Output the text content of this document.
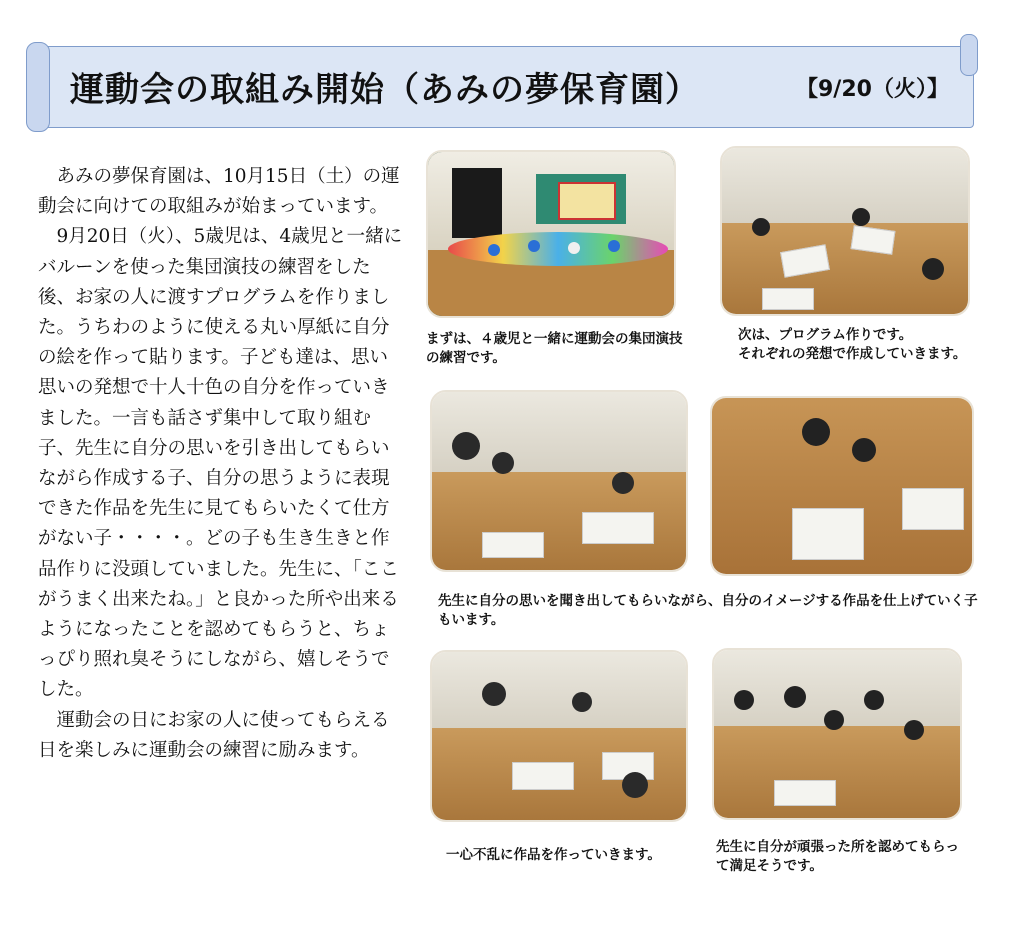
運動会の取組み開始（あみの夢保育園）	【9/20（火）】

あみの夢保育園は、10月15日（土）の運動会に向けての取組みが始まっています。

9月20日（火）、5歳児は、4歳児と一緒にバルーンを使った集団演技の練習をした後、お家の人に渡すプログラムを作りました。うちわのように使える丸い厚紙に自分の絵を作って貼ります。子ども達は、思い思いの発想で十人十色の自分を作っていきました。一言も話さず集中して取り組む子、先生に自分の思いを引き出してもらいながら作成する子、自分の思うように表現できた作品を先生に見てもらいたくて仕方がない子・・・・。どの子も生き生きと作品作りに没頭していました。先生に、「ここがうまく出来たね。」と良かった所や出来るようになったことを認めてもらうと、ちょっぴり照れ臭そうにしながら、嬉しそうでした。

運動会の日にお家の人に使ってもらえる日を楽しみに運動会の練習に励みます。

まずは、４歳児と一緒に運動会の集団演技の練習です。
次は、プログラム作りです。
それぞれの発想で作成していきます。
先生に自分の思いを聞き出してもらいながら、自分のイメージする作品を仕上げていく子もいます。
一心不乱に作品を作っていきます。	先生に自分が頑張った所を認めてもらって満足そうです。
